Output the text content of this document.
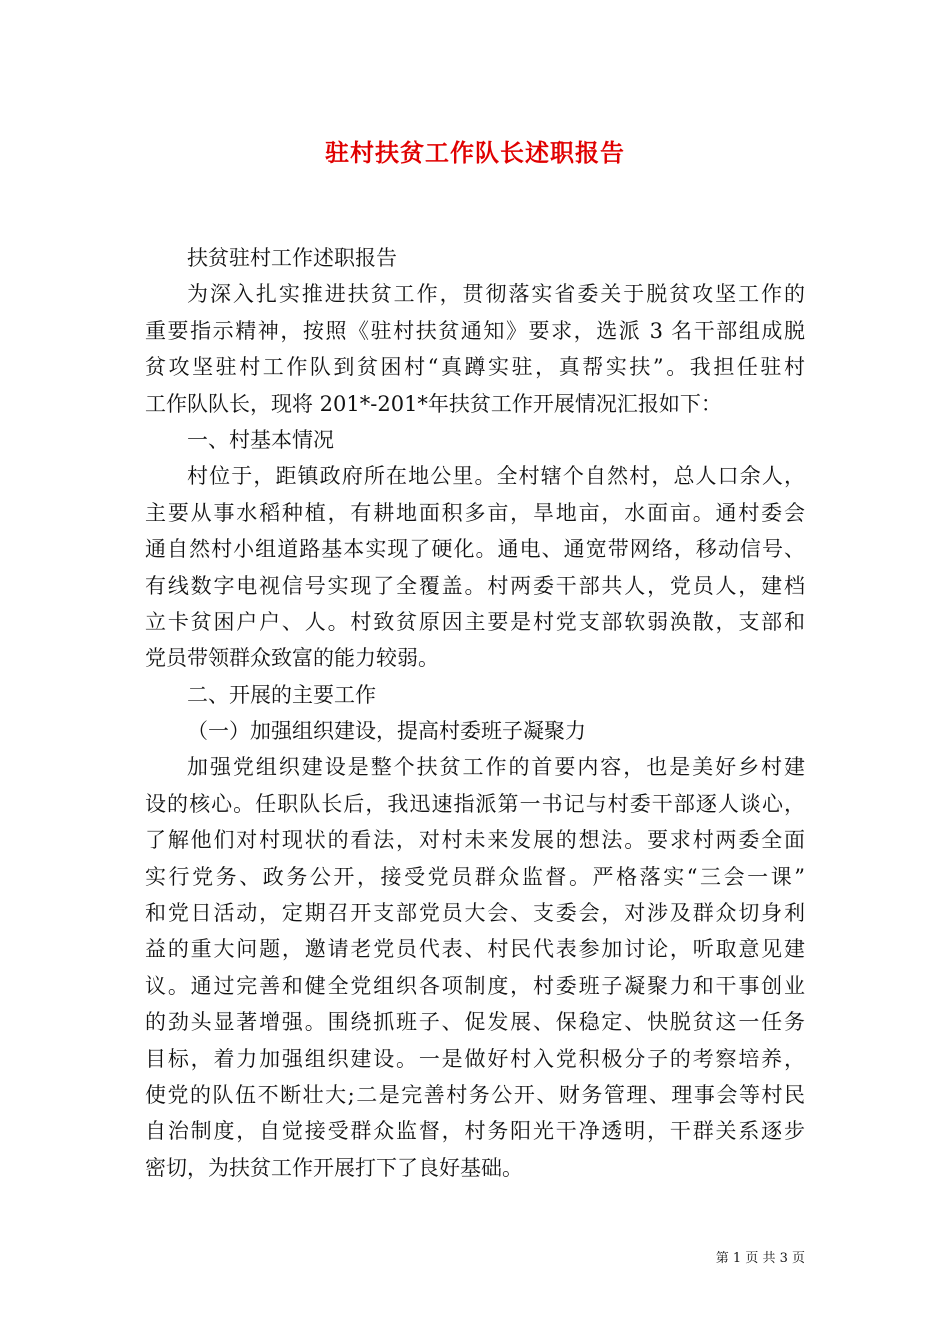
驻村扶贫工作队长述职报告

扶贫驻村工作述职报告

为深入扎实推进扶贫工作，贯彻落实省委关于脱贫攻坚工作的

重要指示精神，按照《驻村扶贫通知》要求，选派 3 名干部组成脱

贫攻坚驻村工作队到贫困村“真蹲实驻，真帮实扶”。我担任驻村

工作队队长，现将 201*-201*年扶贫工作开展情况汇报如下：

一、村基本情况

村位于，距镇政府所在地公里。全村辖个自然村，总人口余人，

主要从事水稻种植，有耕地面积多亩，旱地亩，水面亩。通村委会

通自然村小组道路基本实现了硬化。通电、通宽带网络，移动信号、

有线数字电视信号实现了全覆盖。村两委干部共人，党员人，建档

立卡贫困户户、人。村致贫原因主要是村党支部软弱涣散，支部和

党员带领群众致富的能力较弱。

二、开展的主要工作

（一）加强组织建设，提高村委班子凝聚力

加强党组织建设是整个扶贫工作的首要内容，也是美好乡村建

设的核心。任职队长后，我迅速指派第一书记与村委干部逐人谈心，

了解他们对村现状的看法，对村未来发展的想法。要求村两委全面

实行党务、政务公开，接受党员群众监督。严格落实“三会一课”

和党日活动，定期召开支部党员大会、支委会，对涉及群众切身利

益的重大问题，邀请老党员代表、村民代表参加讨论，听取意见建

议。通过完善和健全党组织各项制度，村委班子凝聚力和干事创业

的劲头显著增强。围绕抓班子、促发展、保稳定、快脱贫这一任务

目标，着力加强组织建设。一是做好村入党积极分子的考察培养，

使党的队伍不断壮大;二是完善村务公开、财务管理、理事会等村民

自治制度，自觉接受群众监督，村务阳光干净透明，干群关系逐步

密切，为扶贫工作开展打下了良好基础。

第 1 页 共 3 页
